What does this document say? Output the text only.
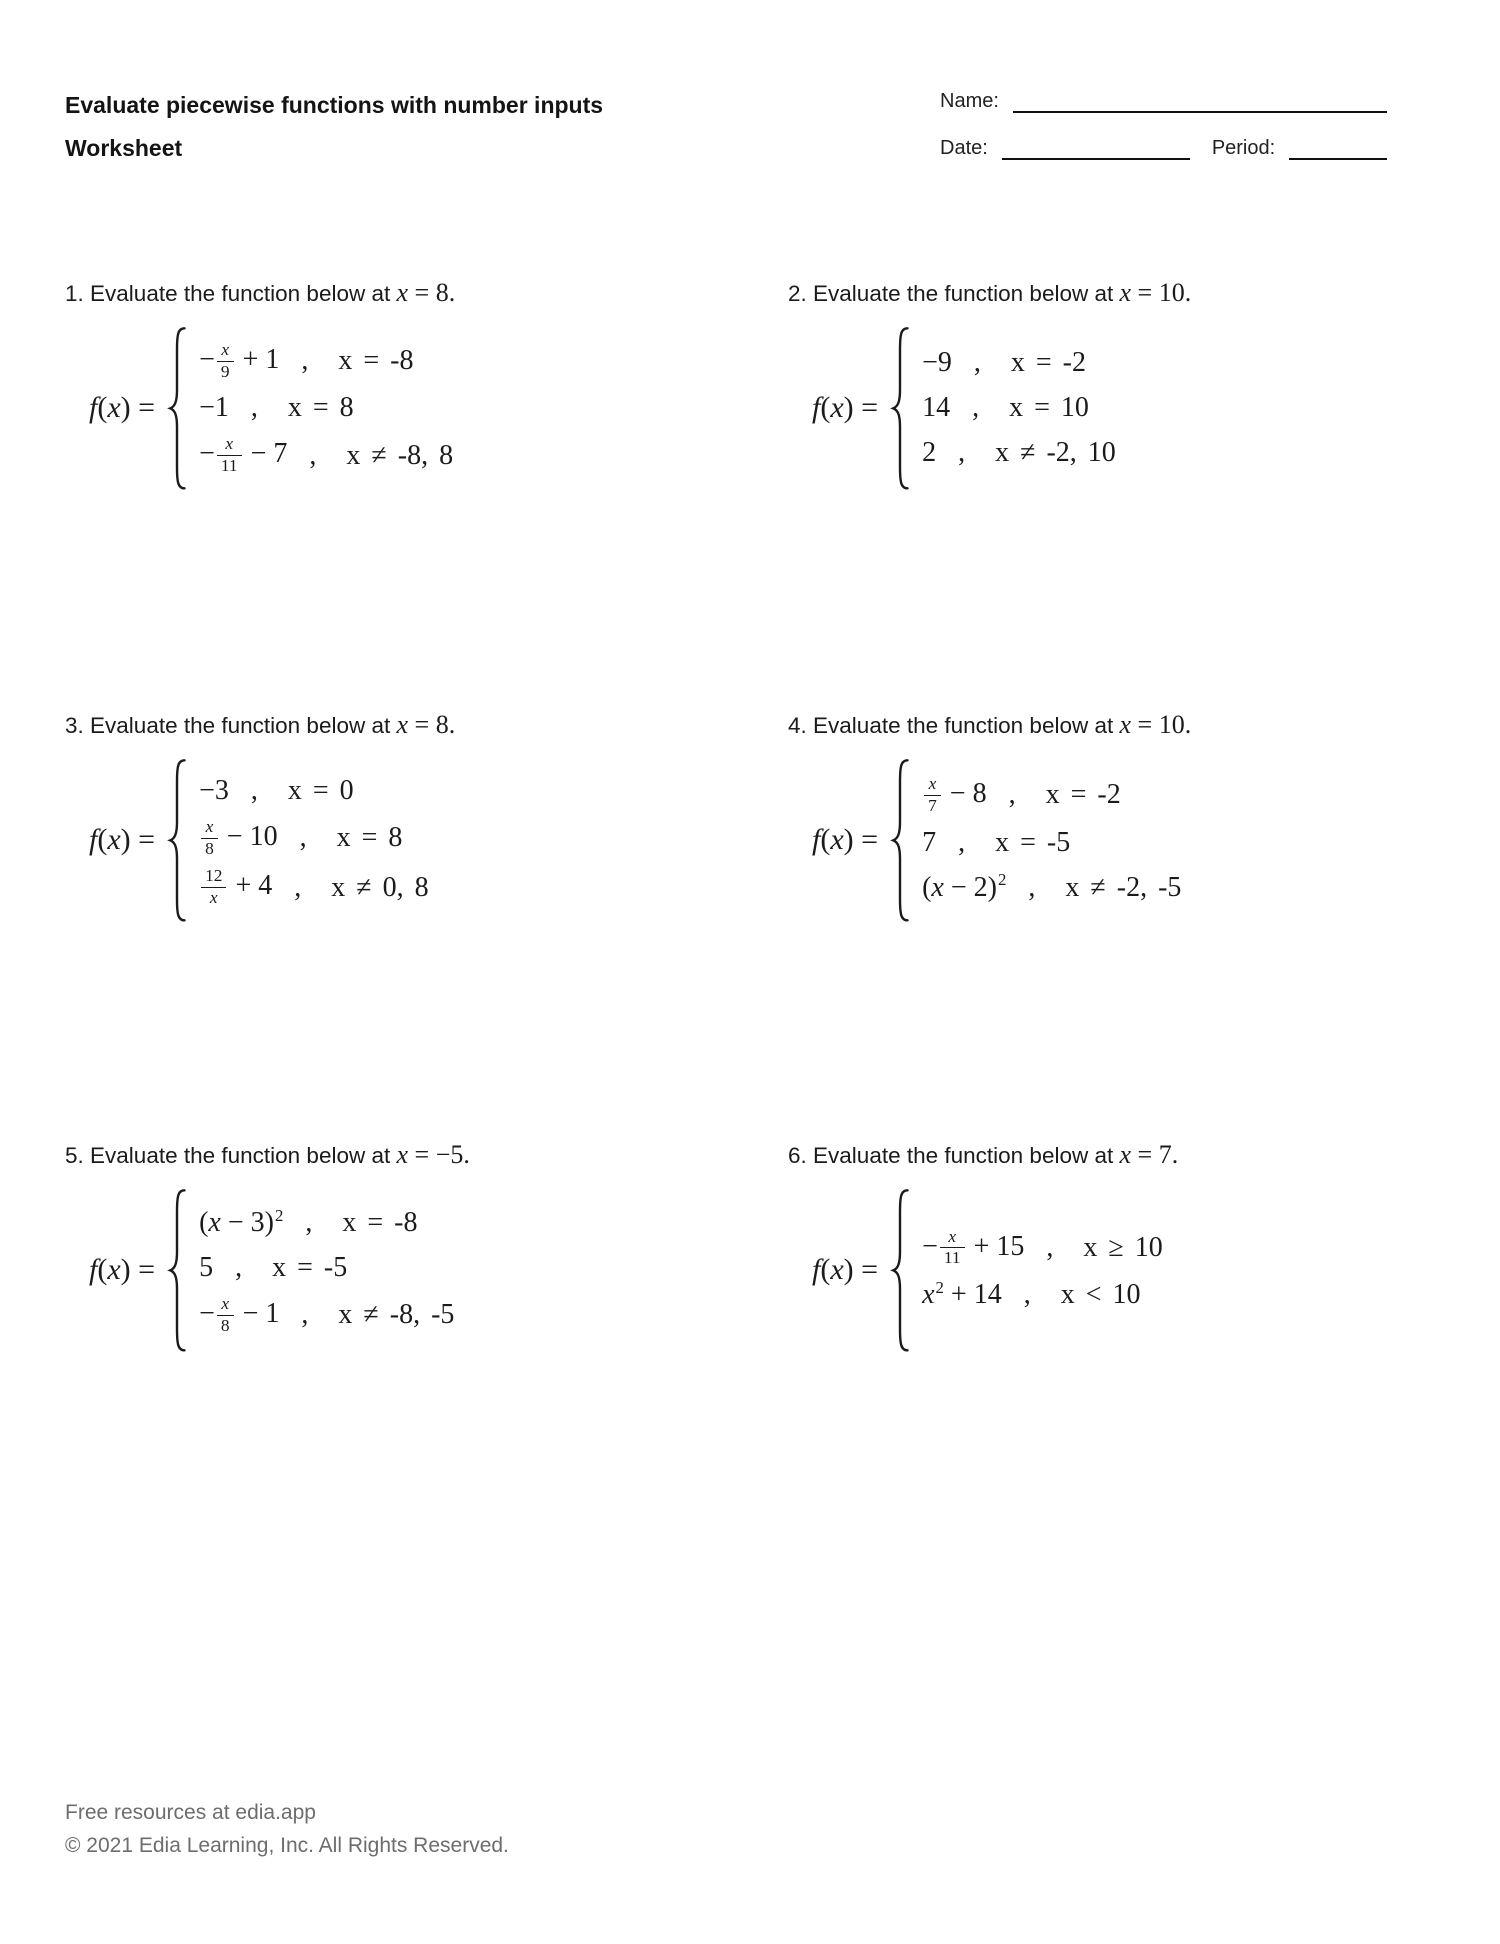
Evaluate piecewise functions with number inputs
Worksheet
Name:
Date:	Period:
1. Evaluate the function below at x = 8.
f(x) =
− $\frac{x}{9} + 1$ , x = -8
−1 , x = 8
− $\frac{x}{11} - 7$ , x ≠ -8, 8
2. Evaluate the function below at x = 10.
f(x) =
−9 , x = -2
14 , x = 10
2 , x ≠ -2, 10
3. Evaluate the function below at x = 8.
f(x) =
−3 , x = 0
$\frac{x}{8} - 10$ , x = 8
$\frac{12}{x} + 4$ , x ≠ 0, 8
4. Evaluate the function below at x = 10.
f(x) =
$\frac{x}{7} - 8$ , x = -2
7 , x = -5
$(x - 2)^2$ , x ≠ -2, -5
5. Evaluate the function below at x = −5.
f(x) =
$(x - 3)^2$ , x = -8
5 , x = -5
− $\frac{x}{8} - 1$ , x ≠ -8, -5
6. Evaluate the function below at x = 7.
f(x) =
− $\frac{x}{11} + 15$ , x ≥ 10
$x^2 + 14$ , x < 10
Free resources at edia.app
© 2021 Edia Learning, Inc. All Rights Reserved.
